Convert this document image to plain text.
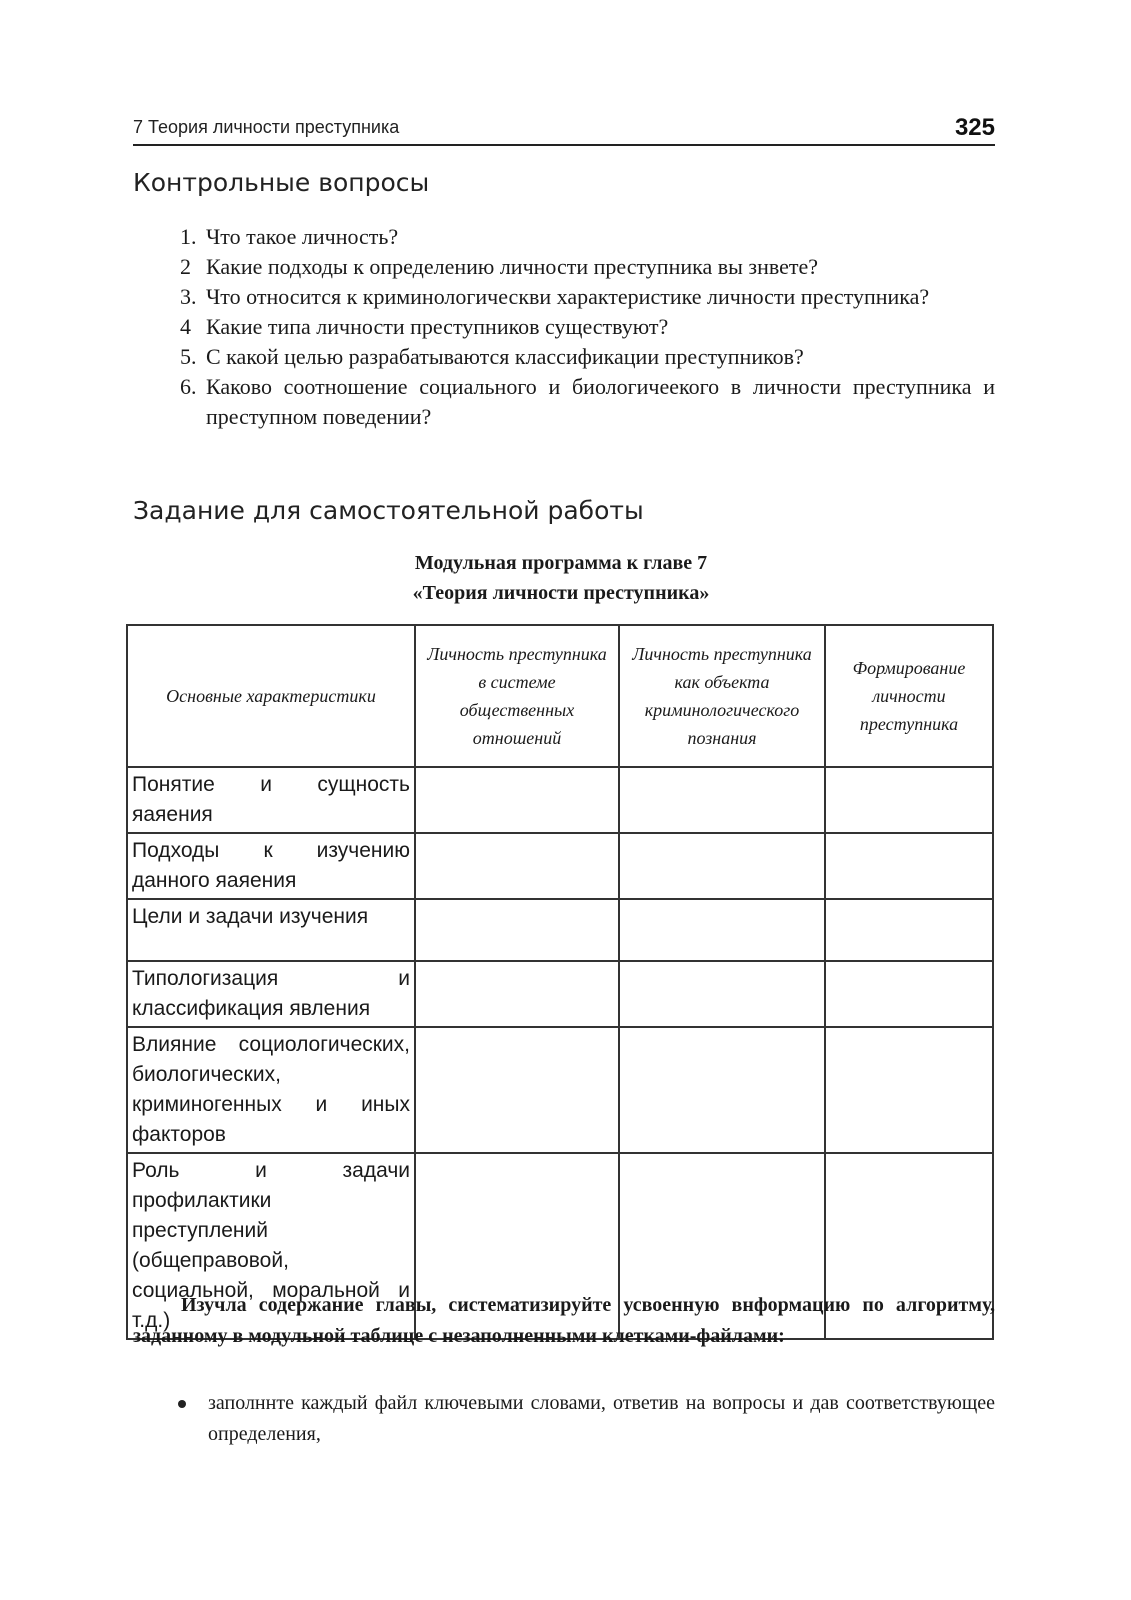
7 Теория личности преступника	325
Контрольные вопросы
1. Что такое личность?
2 Какие подходы к определению личности преступника вы знвете?
3. Что относится к криминологическви характеристике личности преступника?
4 Какие типа личности преступников существуют?
5. С какой целью разрабатываются классификации преступников?
6. Каково соотношение социального и биологичеекого в личности преступника и преступном поведении?
Задание для самостоятельной работы
Модульная программа к главе 7
«Теория личности преступника»
Основные характеристики	Личность преступника в системе общественных отношений	Личность преступника как объекта криминологического познания	Формирование личности преступника
Понятие и сущность яаяения			
Подходы к изучению данного яаяения			
Цели и задачи изучения			
Типологизация и классификация явления			
Влияние социологических, биологических, криминогенных и иных факторов			
Роль и задачи профилактики преступлений (общеправовой, социальной, моральной и т.д.)			

Изучла содержание главы, систематизируйте усвоенную внформацию по алгоритму, заданному в модульной таблице с незаполненными клетками-файлами:

заполннте каждый файл ключевыми словами, ответив на вопросы и дав соответствующее определения,
